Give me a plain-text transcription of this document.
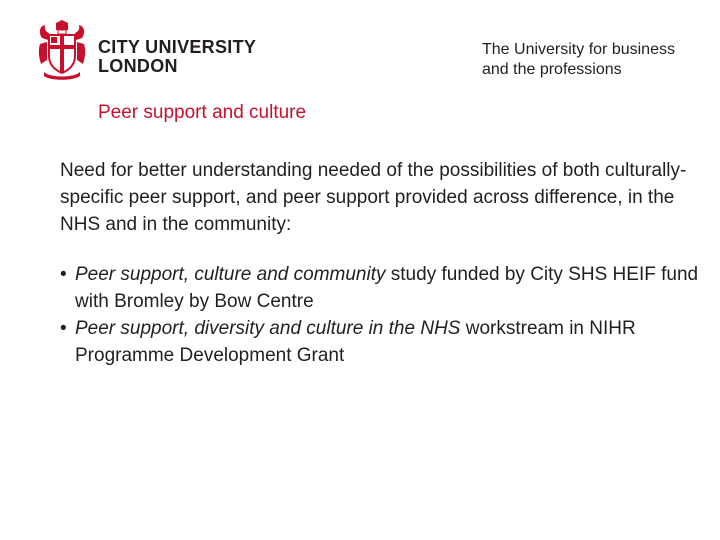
CITY UNIVERSITY
LONDON
The University for business
and the professions
Peer support and culture
Need for better understanding needed of the possibilities of both culturally-specific peer support, and peer support provided across difference, in the NHS and in the community:
• Peer support, culture and community study funded by City SHS HEIF fund with Bromley by Bow Centre
• Peer support, diversity and culture in the NHS workstream in NIHR Programme Development Grant
